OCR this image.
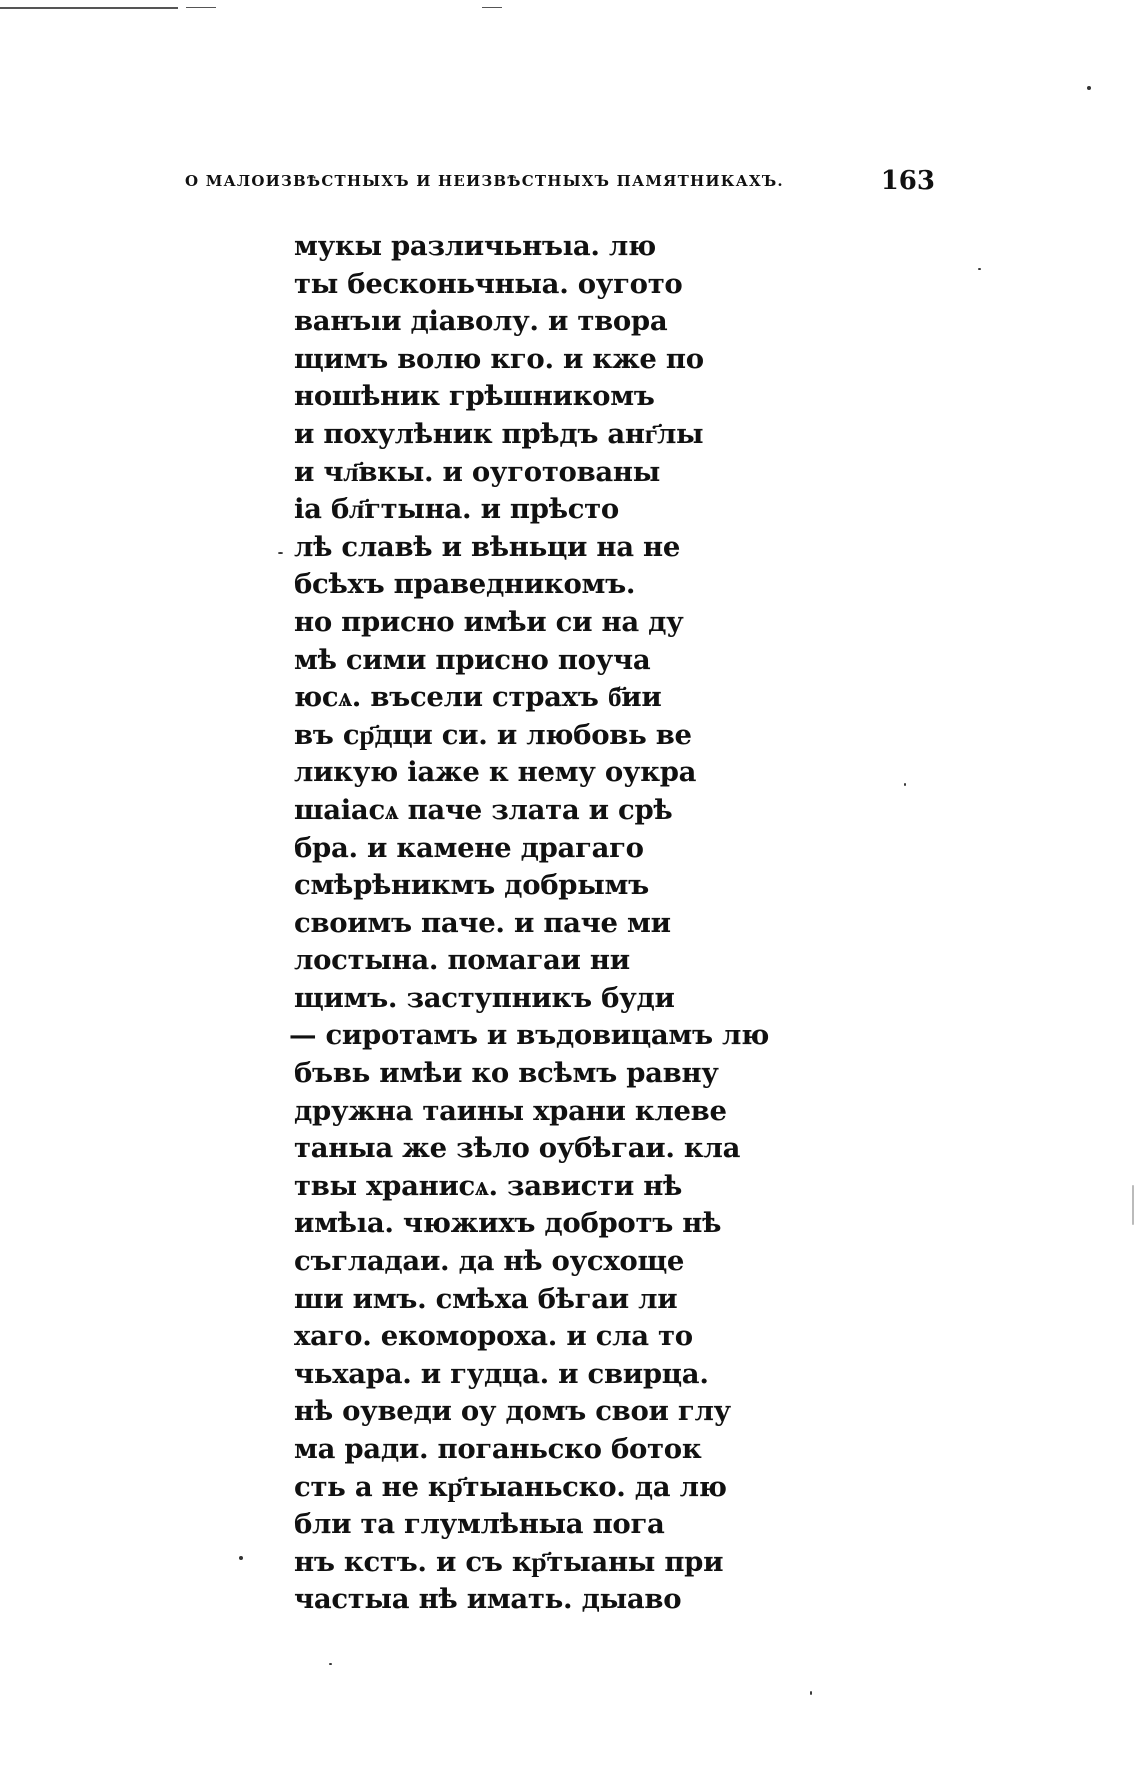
О МАЛОИЗВѢСТНЫХЪ И НЕИЗВѢСТНЫХЪ ПАМЯТНИКАХЪ.	163
мукы различьнъıа. лю
ты бесконьчныа. оугото
ванъıи дiаволу. и твора
щимъ волю кго. и кже по
ношѣник грѣшникомъ
и похулѣник прѣдъ анг҃лы
и чл҃вкы. и оуготованы
іа бл҃гтына. и прѣсто
лѣ славѣ и вѣньци на не
бсѣхъ праведникомъ.
но присно имѣи си на ду
мѣ сими присно поуча
юсѧ. въсели страхъ б҃ии
въ ср҃дци си. и любовь ве
ликую іаже к нему оукра
шаіасѧ паче злата и срѣ
бра. и камене драгаго
смѣрѣникмъ добрымъ
своимъ паче. и паче ми
лостына. помагаи ни
щимъ. заступникъ буди
— сиротамъ и въдовицамъ лю
бъвь имѣи ко всѣмъ равну
дружна таины храни клеве
таныа же зѣло оубѣгаи. кла
твы хранисѧ. зависти нѣ
имѣıа. чюжихъ добротъ нѣ
съгладаи. да нѣ оусхоще
ши имъ. смѣха бѣгаи ли
хаго. екомороха. и сла то
чьхара. и гудца. и свирца.
нѣ оуведи оу домъ свои глу
ма ради. поганьско боток
сть а не кр҃тыаньско. да лю
бли та глумлѣныа пога
нъ кстъ. и съ кр҃тыаны при
частыа нѣ имать. дыаво
